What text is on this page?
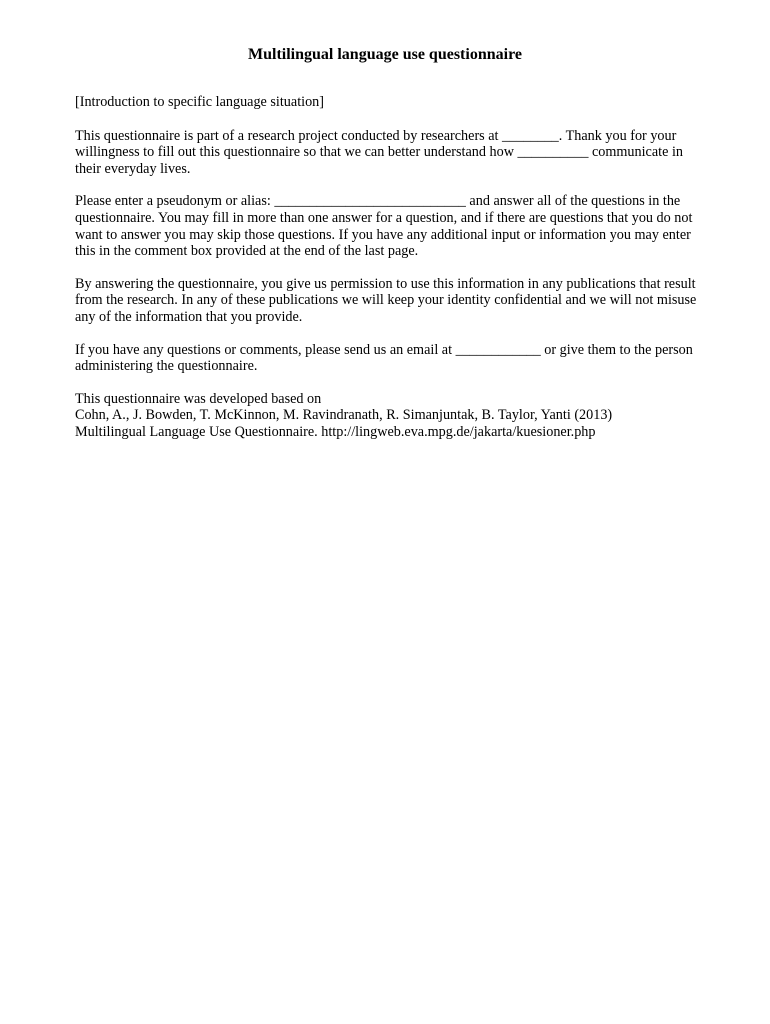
Multilingual language use questionnaire

[Introduction to specific language situation]

This questionnaire is part of a research project conducted by researchers at ________. Thank you for your willingness to fill out this questionnaire so that we can better understand how __________ communicate in their everyday lives.

Please enter a pseudonym or alias: ___________________________ and answer all of the questions in the questionnaire. You may fill in more than one answer for a question, and if there are questions that you do not want to answer you may skip those questions. If you have any additional input or information you may enter this in the comment box provided at the end of the last page.

By answering the questionnaire, you give us permission to use this information in any publications that result from the research. In any of these publications we will keep your identity confidential and we will not misuse any of the information that you provide.

If you have any questions or comments, please send us an email at ____________ or give them to the person administering the questionnaire.

This questionnaire was developed based on
Cohn, A., J. Bowden, T. McKinnon, M. Ravindranath, R. Simanjuntak, B. Taylor, Yanti (2013)
Multilingual Language Use Questionnaire. http://lingweb.eva.mpg.de/jakarta/kuesioner.php
